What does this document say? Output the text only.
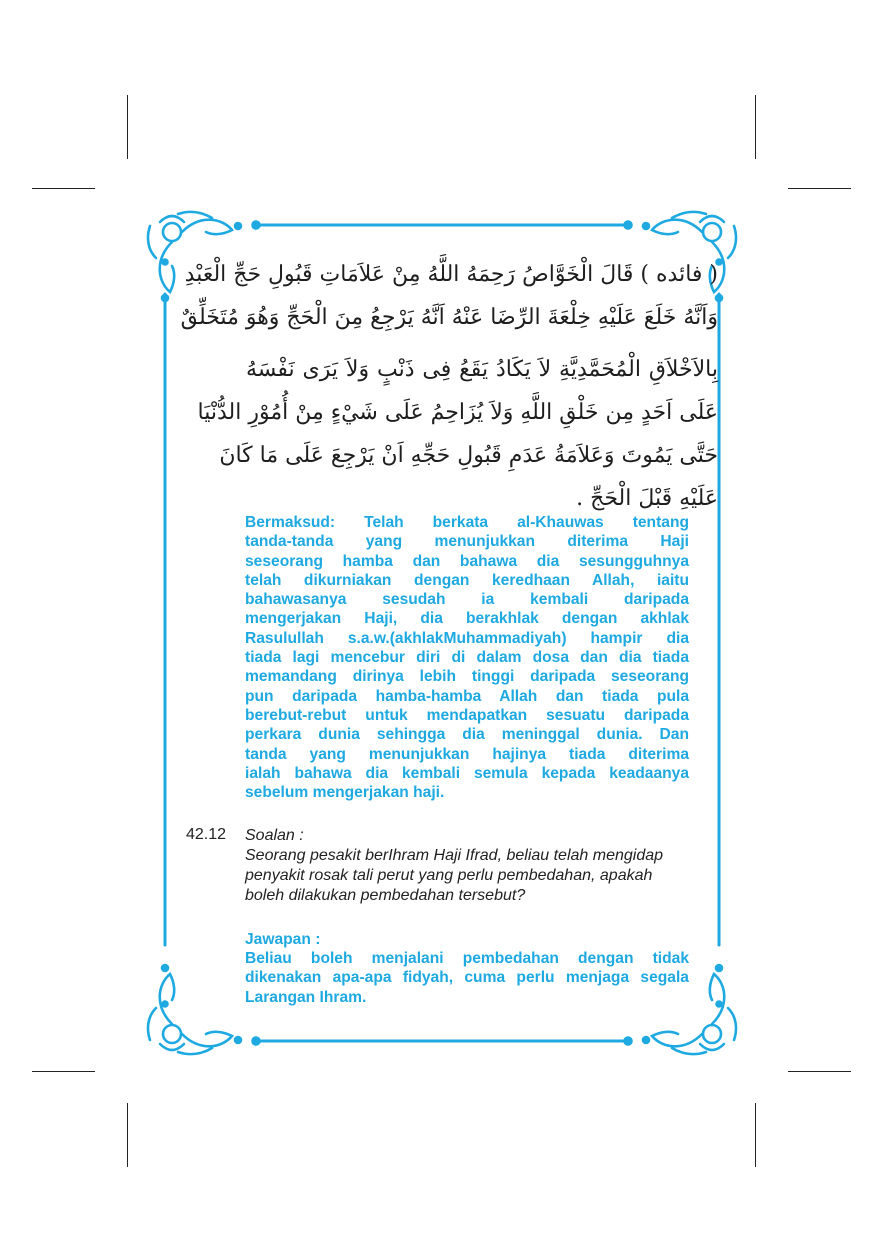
( فائده ) قَالَ الْخَوَّاصُ رَحِمَهُ اللَّهُ مِنْ عَلاَمَاتِ قَبُولِ حَجِّ الْعَبْدِ
وَاَنَّهُ خَلَعَ عَلَيْهِ خِلْعَةَ الرِّضَا عَنْهُ اَنَّهُ يَرْجِعُ مِنَ الْحَجِّ وَهُوَ مُتَخَلِّقٌ
بِالاَخْلاَقِ الْمُحَمَّدِيَّةِ لاَ يَكَادُ يَقَعُ فِى ذَنْبٍ وَلاَ يَرَى نَفْسَهُ
عَلَى اَحَدٍ مِن خَلْقِ اللَّهِ وَلاَ يُزَاحِمُ عَلَى شَيْءٍ مِنْ أُمُوْرِ الدُّنْيَا
حَتَّى يَمُوتَ وَعَلاَمَةُ عَدَمِ قَبُولِ حَجِّهِ اَنْ يَرْجِعَ عَلَى مَا كَانَ
عَلَيْهِ قَبْلَ الْحَجِّ .
Bermaksud: Telah berkata al-Khauwas tentang
tanda-tanda yang menunjukkan diterima Haji
seseorang hamba dan bahawa dia sesungguhnya
telah dikurniakan dengan keredhaan Allah, iaitu
bahawasanya sesudah ia kembali daripada
mengerjakan Haji, dia berakhlak dengan akhlak
Rasulullah s.a.w.(akhlakMuhammadiyah) hampir dia
tiada lagi mencebur diri di dalam dosa dan dia tiada
memandang dirinya lebih tinggi daripada seseorang
pun daripada hamba-hamba Allah dan tiada pula
berebut-rebut untuk mendapatkan sesuatu daripada
perkara dunia sehingga dia meninggal dunia. Dan
tanda yang menunjukkan hajinya tiada diterima
ialah bahawa dia kembali semula kepada keadaanya
sebelum mengerjakan haji.
42.12 Soalan :
Seorang pesakit berIhram Haji Ifrad, beliau telah mengidap
penyakit rosak tali perut yang perlu pembedahan, apakah
boleh dilakukan pembedahan tersebut?
Jawapan :
Beliau boleh menjalani pembedahan dengan tidak
dikenakan apa-apa fidyah, cuma perlu menjaga segala
Larangan Ihram.
